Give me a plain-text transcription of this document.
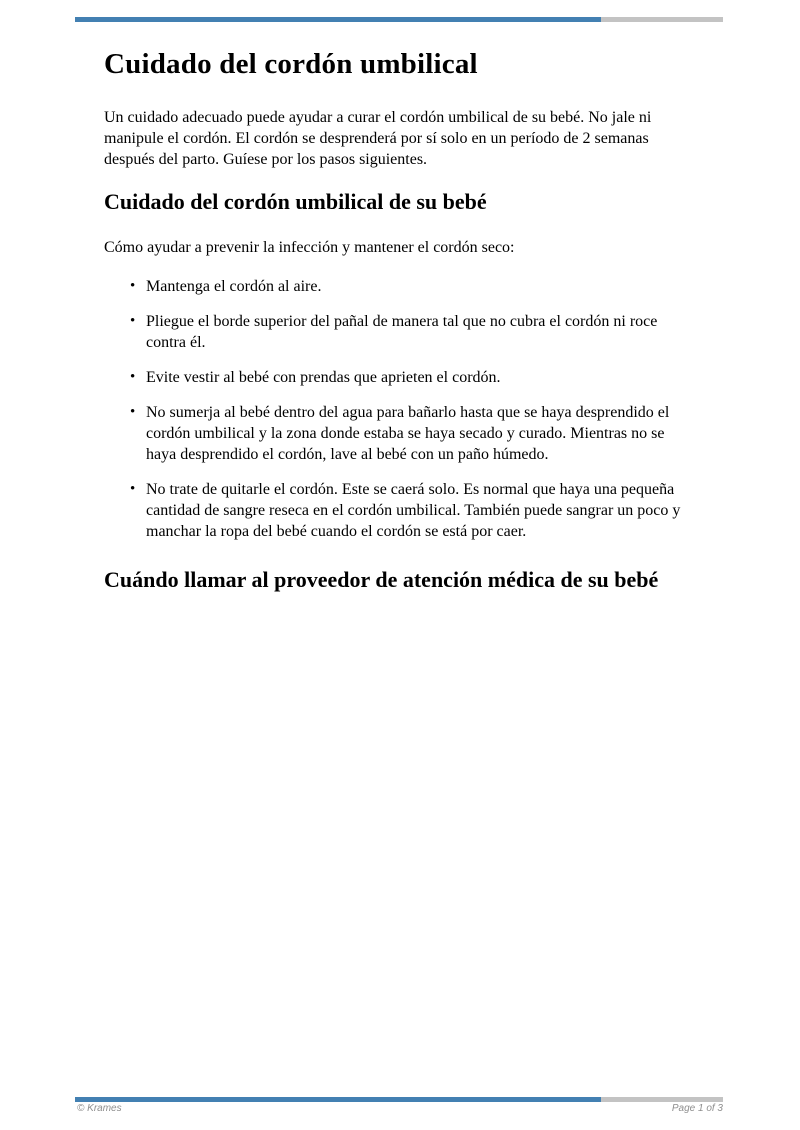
Cuidado del cordón umbilical

Un cuidado adecuado puede ayudar a curar el cordón umbilical de su bebé. No jale ni manipule el cordón. El cordón se desprenderá por sí solo en un período de 2 semanas después del parto. Guíese por los pasos siguientes.

Cuidado del cordón umbilical de su bebé

Cómo ayudar a prevenir la infección y mantener el cordón seco:

• Mantenga el cordón al aire.
• Pliegue el borde superior del pañal de manera tal que no cubra el cordón ni roce contra él.
• Evite vestir al bebé con prendas que aprieten el cordón.
• No sumerja al bebé dentro del agua para bañarlo hasta que se haya desprendido el cordón umbilical y la zona donde estaba se haya secado y curado. Mientras no se haya desprendido el cordón, lave al bebé con un paño húmedo.
• No trate de quitarle el cordón. Este se caerá solo. Es normal que haya una pequeña cantidad de sangre reseca en el cordón umbilical. También puede sangrar un poco y manchar la ropa del bebé cuando el cordón se está por caer.
Cuándo llamar al proveedor de atención médica de su bebé
© Krames	Page 1 of 3
